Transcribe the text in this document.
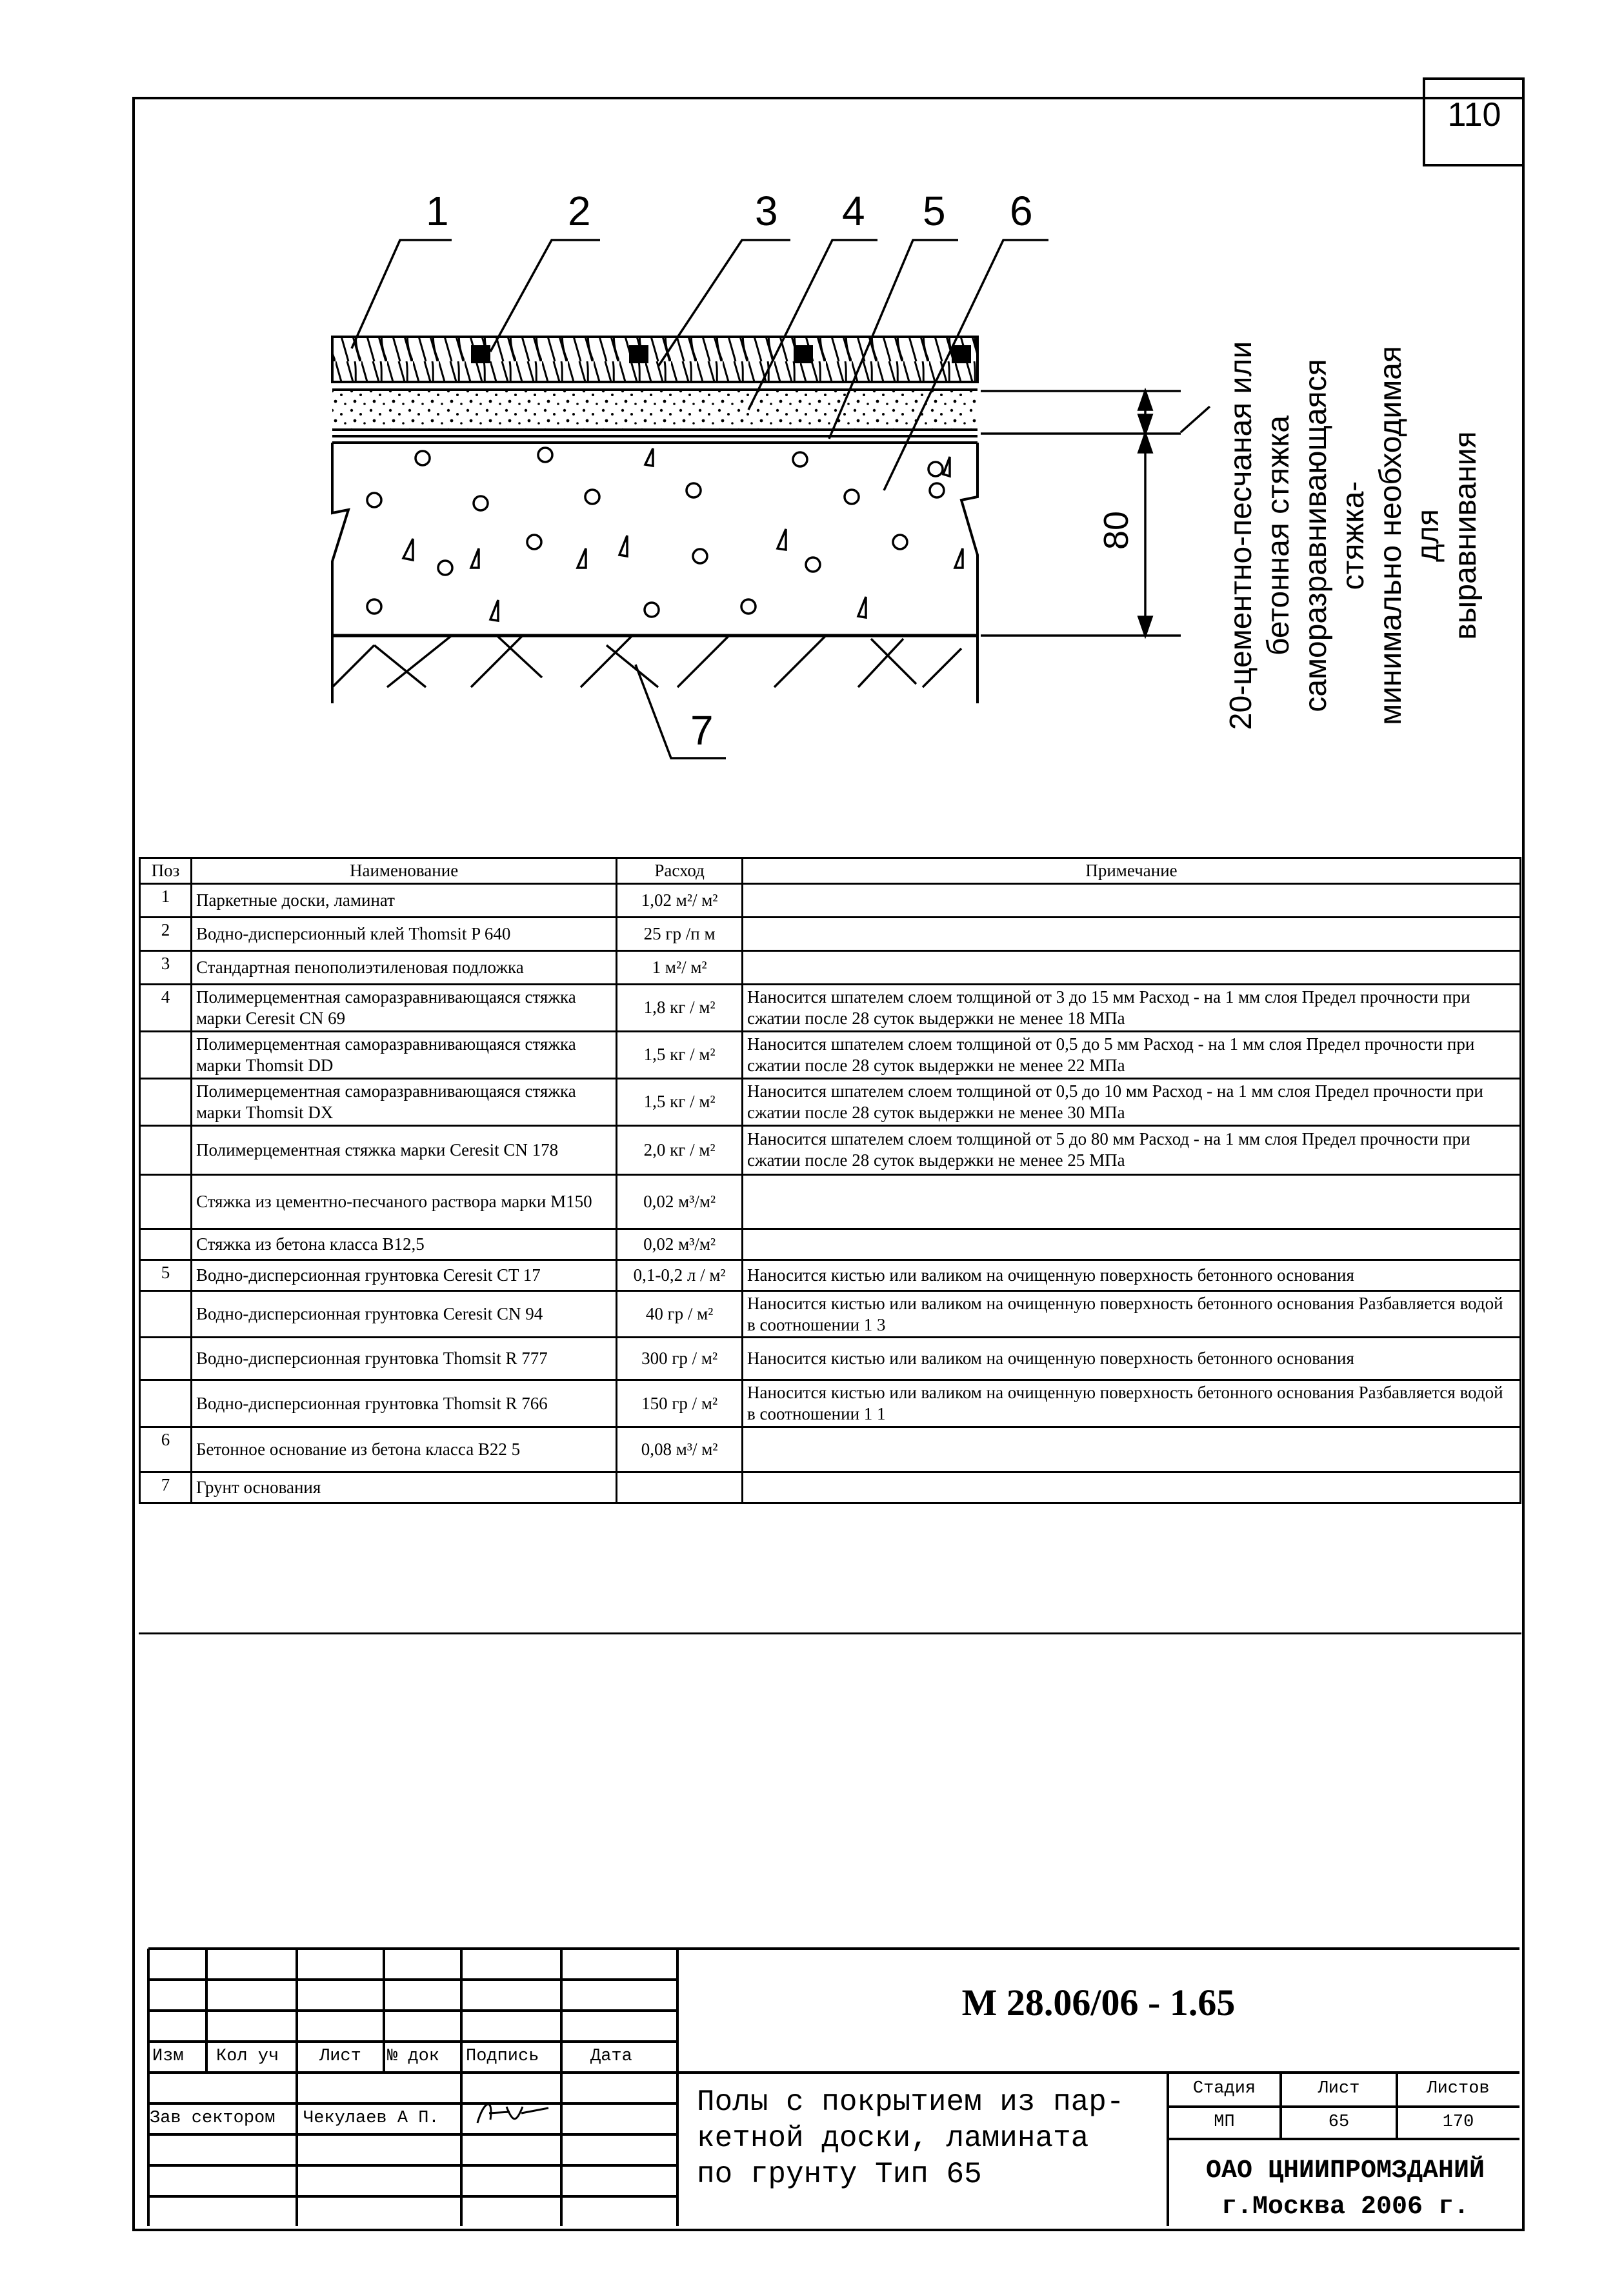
110
1	2	3 4 5 6
7
80	20-цементно-песчаная или бетонная стяжка саморазравнивающаяся стяжка- минимально необходимая для выравнивания
Поз	Наименование	Расход	Примечание
1	Паркетные доски, ламинат	1,02 м²/ м²	
2	Водно-дисперсионный клей Thomsit P 640	25 гр /п м	
3	Стандартная пенополиэтиленовая подложка	1 м²/ м²	
4	Полимерцементная саморазравнивающаяся стяжка марки Ceresit CN 69	1,8 кг / м²	Наносится шпателем слоем толщиной от 3 до 15 мм Расход - на 1 мм слоя Предел прочности при сжатии после 28 суток выдержки не менее 18 МПа
	Полимерцементная саморазравнивающаяся стяжка марки Thomsit DD	1,5 кг / м²	Наносится шпателем слоем толщиной от 0,5 до 5 мм Расход - на 1 мм слоя Предел прочности при сжатии после 28 суток выдержки не менее 22 МПа
	Полимерцементная саморазравнивающаяся стяжка марки Thomsit DX	1,5 кг / м²	Наносится шпателем слоем толщиной от 0,5 до 10 мм Расход - на 1 мм слоя Предел прочности при сжатии после 28 суток выдержки не менее 30 МПа
	Полимерцементная стяжка марки Ceresit CN 178	2,0 кг / м²	Наносится шпателем слоем толщиной от 5 до 80 мм Расход - на 1 мм слоя Предел прочности при сжатии после 28 суток выдержки не менее 25 МПа
	Стяжка из цементно-песчаного раствора марки М150	0,02 м³/м²	
	Стяжка из бетона класса В12,5	0,02 м³/м²	
5	Водно-дисперсионная грунтовка Ceresit CT 17	0,1-0,2 л / м²	Наносится кистью или валиком на очищенную поверхность бетонного основания
	Водно-дисперсионная грунтовка Ceresit CN 94	40 гр / м²	Наносится кистью или валиком на очищенную поверхность бетонного основания Разбавляется водой в соотношении 1 3
	Водно-дисперсионная грунтовка Thomsit R 777	300 гр / м²	Наносится кистью или валиком на очищенную поверхность бетонного основания
	Водно-дисперсионная грунтовка Thomsit R 766	150 гр / м²	Наносится кистью или валиком на очищенную поверхность бетонного основания Разбавляется водой в соотношении 1 1
6	Бетонное основание из бетона класса В22 5	0,08 м³/ м²	
7	Грунт основания		
М 28.06/06 - 1.65
Изм Кол уч Лист № док Подпись	Дата
Зав сектором Чекулаев А П.	Полы с покрытием из пар-
кетной доски, ламината
по грунту Тип 65
Стадия	Лист	Листов
МП	65	170
ОАО ЦНИИПРОМЗДАНИЙ
г.Москва 2006 г.
